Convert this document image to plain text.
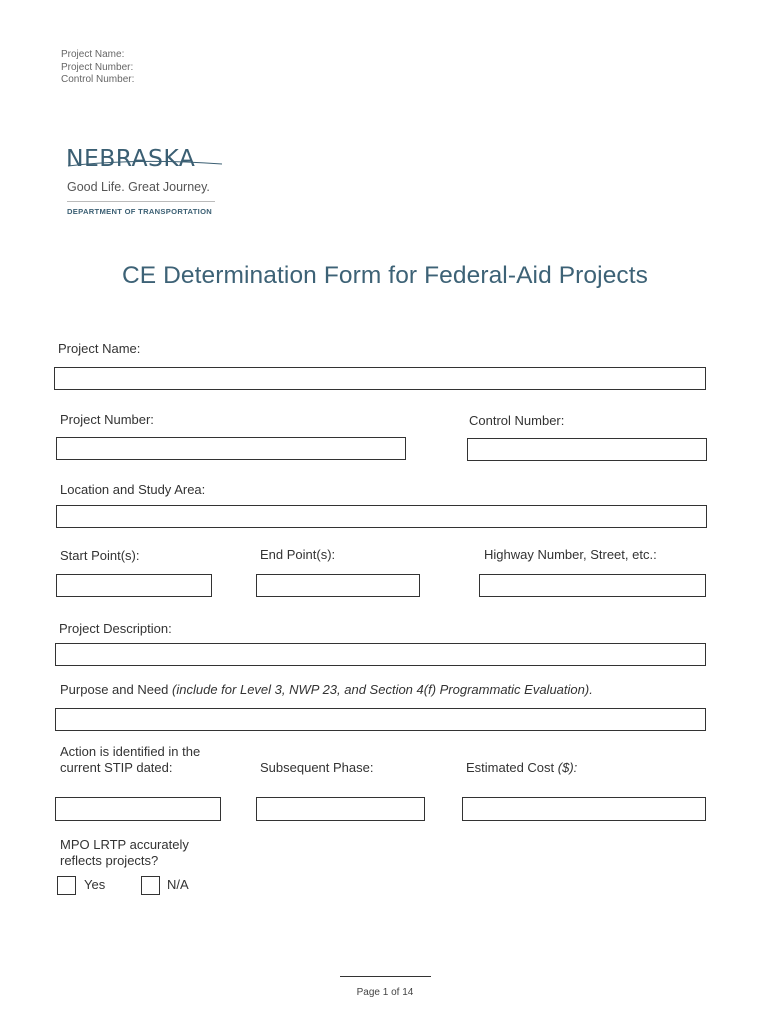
Project Name:
Project Number:
Control Number:
NEBRASKA
Good Life. Great Journey.
DEPARTMENT OF TRANSPORTATION
CE Determination Form for Federal-Aid Projects
Project Name:
Project Number:	Control Number:
Location and Study Area:
Start Point(s):	End Point(s):	Highway Number, Street, etc.:
Project Description:
Purpose and Need (include for Level 3, NWP 23, and Section 4(f) Programmatic Evaluation).
Action is identified in the
current STIP dated:	Subsequent Phase:	Estimated Cost ($):
MPO LRTP accurately
reflects projects?
Yes	N/A
Page 1 of 14
